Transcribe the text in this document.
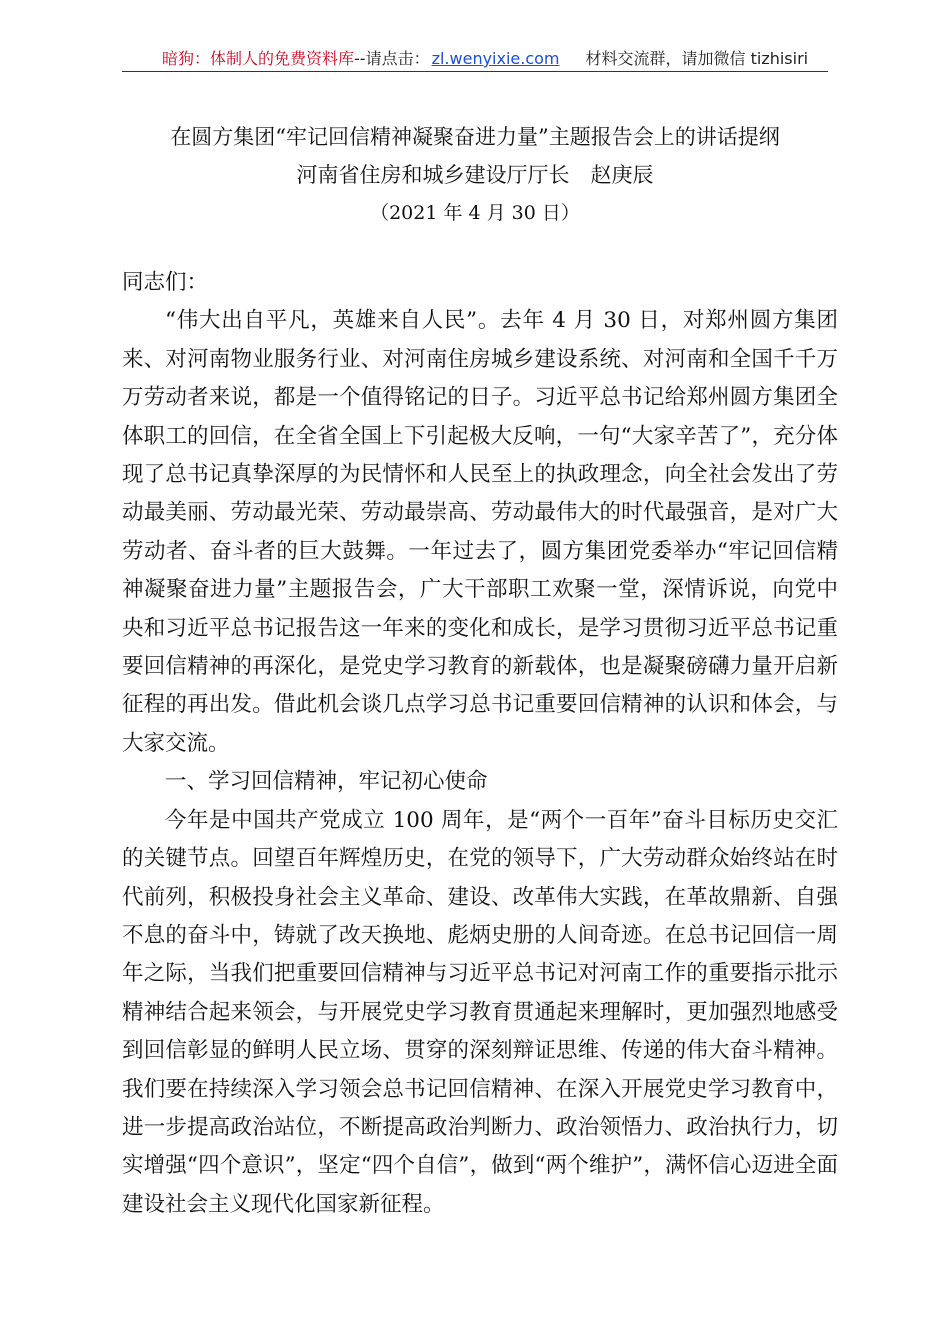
暗狗：体制人的免费资料库--请点击： zl.wenyixie.com 材料交流群，请加微信 tizhisiri
在圆方集团“牢记回信精神凝聚奋进力量”主题报告会上的讲话提纲
河南省住房和城乡建设厅厅长　赵庚辰
（2021 年 4 月 30 日）

同志们：

“伟大出自平凡，英雄来自人民”。去年 4 月 30 日，对郑州圆方集团来、对河南物业服务行业、对河南住房城乡建设系统、对河南和全国千千万万劳动者来说，都是一个值得铭记的日子。习近平总书记给郑州圆方集团全体职工的回信，在全省全国上下引起极大反响，一句“大家辛苦了”，充分体现了总书记真挚深厚的为民情怀和人民至上的执政理念，向全社会发出了劳动最美丽、劳动最光荣、劳动最崇高、劳动最伟大的时代最强音，是对广大劳动者、奋斗者的巨大鼓舞。一年过去了，圆方集团党委举办“牢记回信精神凝聚奋进力量”主题报告会，广大干部职工欢聚一堂，深情诉说，向党中央和习近平总书记报告这一年来的变化和成长，是学习贯彻习近平总书记重要回信精神的再深化，是党史学习教育的新载体，也是凝聚磅礴力量开启新征程的再出发。借此机会谈几点学习总书记重要回信精神的认识和体会，与大家交流。

一、学习回信精神，牢记初心使命

今年是中国共产党成立 100 周年，是“两个一百年”奋斗目标历史交汇的关键节点。回望百年辉煌历史，在党的领导下，广大劳动群众始终站在时代前列，积极投身社会主义革命、建设、改革伟大实践，在革故鼎新、自强不息的奋斗中，铸就了改天换地、彪炳史册的人间奇迹。在总书记回信一周年之际，当我们把重要回信精神与习近平总书记对河南工作的重要指示批示精神结合起来领会，与开展党史学习教育贯通起来理解时，更加强烈地感受到回信彰显的鲜明人民立场、贯穿的深刻辩证思维、传递的伟大奋斗精神。我们要在持续深入学习领会总书记回信精神、在深入开展党史学习教育中，进一步提高政治站位，不断提高政治判断力、政治领悟力、政治执行力，切实增强“四个意识”，坚定“四个自信”，做到“两个维护”，满怀信心迈进全面建设社会主义现代化国家新征程。
